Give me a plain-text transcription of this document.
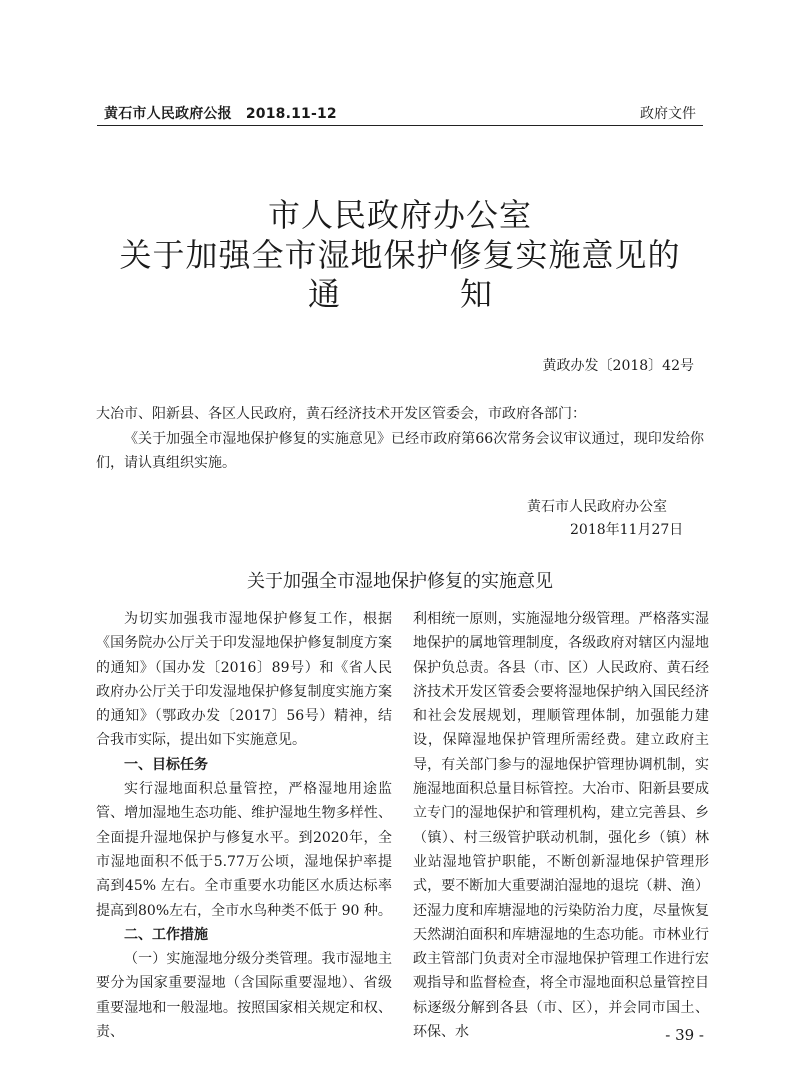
黄石市人民政府公报 2018.11-12	政府文件
市人民政府办公室
关于加强全市湿地保护修复实施意见的
通	知
黄政办发〔2018〕42号
大冶市、阳新县、各区人民政府，黄石经济技术开发区管委会，市政府各部门：
《关于加强全市湿地保护修复的实施意见》已经市政府第66次常务会议审议通过，现印发给你们，请认真组织实施。
黄石市人民政府办公室
2018年11月27日
关于加强全市湿地保护修复的实施意见

为切实加强我市湿地保护修复工作，根据《国务院办公厅关于印发湿地保护修复制度方案的通知》（国办发〔2016〕89号）和《省人民政府办公厅关于印发湿地保护修复制度实施方案的通知》（鄂政办发〔2017〕56号）精神，结合我市实际，提出如下实施意见。

一、目标任务

实行湿地面积总量管控，严格湿地用途监管、增加湿地生态功能、维护湿地生物多样性、全面提升湿地保护与修复水平。到2020年，全市湿地面积不低于5.77万公顷，湿地保护率提高到45% 左右。全市重要水功能区水质达标率提高到80%左右，全市水鸟种类不低于 90 种。

二、工作措施

（一）实施湿地分级分类管理。我市湿地主要分为国家重要湿地（含国际重要湿地）、省级重要湿地和一般湿地。按照国家相关规定和权、责、

利相统一原则，实施湿地分级管理。严格落实湿地保护的属地管理制度，各级政府对辖区内湿地保护负总责。各县（市、区）人民政府、黄石经济技术开发区管委会要将湿地保护纳入国民经济和社会发展规划，理顺管理体制，加强能力建设，保障湿地保护管理所需经费。建立政府主导，有关部门参与的湿地保护管理协调机制，实施湿地面积总量目标管控。大冶市、阳新县要成立专门的湿地保护和管理机构，建立完善县、乡（镇）、村三级管护联动机制，强化乡（镇）林业站湿地管护职能，不断创新湿地保护管理形式，要不断加大重要湖泊湿地的退垸（耕、渔）还湿力度和库塘湿地的污染防治力度，尽量恢复天然湖泊面积和库塘湿地的生态功能。市林业行政主管部门负责对全市湿地保护管理工作进行宏观指导和监督检查，将全市湿地面积总量管控目标逐级分解到各县（市、区），并会同市国土、环保、水	- 39 -
